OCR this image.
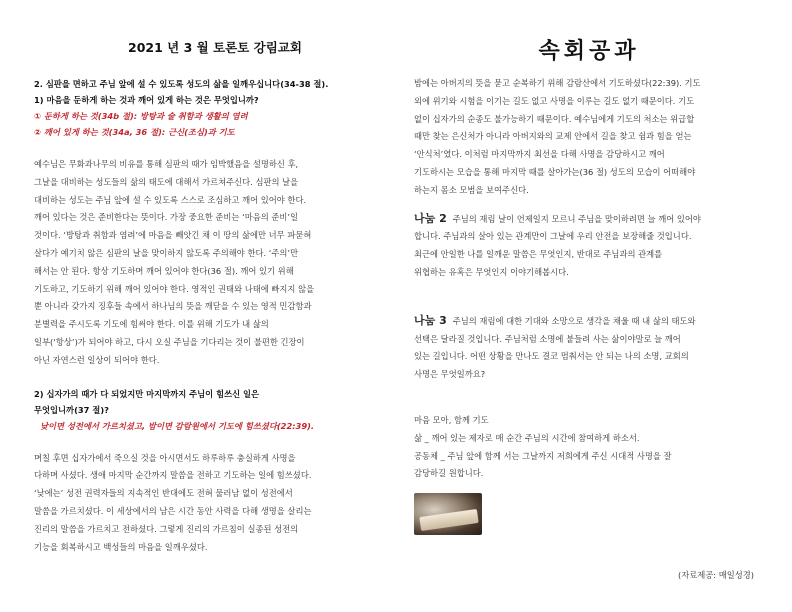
2021 년 3 월 토론토 강림교회

2. 심판을 면하고 주님 앞에 설 수 있도록 성도의 삶을 일깨우십니다(34-38 절).

1) 마음을 둔하게 하는 것과 깨어 있게 하는 것은 무엇입니까?

① 둔하게 하는 것(34b 절): 방탕과 술 취함과 생활의 염려

② 깨어 있게 하는 것(34a, 36 절): 근신(조심)과 기도

예수님은 무화과나무의 비유를 통해 심판의 때가 임박했음을 설명하신 후,

그날을 대비하는 성도들의 삶의 태도에 대해서 가르쳐주신다. 심판의 날을

대비하는 성도는 주님 앞에 설 수 있도록 스스로 조심하고 깨어 있어야 한다.

깨어 있다는 것은 준비한다는 뜻이다. 가장 중요한 준비는 ‘마음의 준비’일

것이다. ‘방탕과 취함과 염려’에 마음을 빼앗긴 채 이 땅의 삶에만 너무 파묻혀

살다가 예기치 않은 심판의 날을 맞이하지 않도록 주의해야 한다. ‘주의’만

해서는 안 된다. 항상 기도하며 깨어 있어야 한다(36 절). 깨어 있기 위해

기도하고, 기도하기 위해 깨어 있어야 한다. 영적인 권태와 나태에 빠지지 않을

뿐 아니라 갖가지 징후들 속에서 하나님의 뜻을 깨닫을 수 있는 영적 민감함과

분별력을 주시도록 기도에 힘써야 한다. 이를 위해 기도가 내 삶의

일부(‘항상’)가 되어야 하고, 다시 오실 주님을 기다리는 것이 불편한 긴장이

아닌 자연스런 일상이 되어야 한다.

2) 십자가의 때가 다 되었지만 마지막까지 주님이 힘쓰신 일은

무엇입니까(37 절)?

낮이면 성전에서 가르치셨고, 밤이면 감람원에서 기도에 힘쓰셨다(22:39).

며칠 후면 십자가에서 죽으실 것을 아시면서도 하루하루 충실하게 사명을

다하며 사셨다. 생애 마지막 순간까지 말씀을 전하고 기도하는 일에 힘쓰셨다.

‘낮에는’ 성전 권력자들의 지속적인 반대에도 전혀 물러남 없이 성전에서

말씀을 가르치셨다. 이 세상에서의 남은 시간 동안 사력을 다해 생명을 살리는

진리의 말씀을 가르치고 전하셨다. 그렇게 진리의 가르침이 실종된 성전의

기능을 회복하시고 백성들의 마음을 일깨우셨다.

속회공과

밤에는 아버지의 뜻을 묻고 순복하기 위해 감람산에서 기도하셨다(22:39). 기도

외에 위기와 시험을 이기는 길도 없고 사명을 이루는 길도 없기 때문이다. 기도

없이 십자가의 순종도 불가능하기 때문이다. 예수님에게 기도의 처소는 위급할

때만 찾는 은신처가 아니라 아버지와의 교제 안에서 길을 찾고 쉼과 힘을 얻는

‘안식처’였다. 이처럼 마지막까지 최선을 다해 사명을 감당하시고 깨어

기도하시는 모습을 통해 마지막 때를 살아가는(36 절) 성도의 모습이 어떠해야

하는지 몸소 모범을 보여주신다.

나눔 2 주님의 재림 날이 언제일지 모르니 주님을 맞이하려면 늘 깨어 있어야

합니다. 주님과의 살아 있는 관계만이 그날에 우리 안전을 보장해줄 것입니다.

최근에 안일한 나를 일깨운 말씀은 무엇인지, 반대로 주님과의 관계를

위협하는 유혹은 무엇인지 이야기해봅시다.

나눔 3 주님의 재림에 대한 기대와 소망으로 생각을 채울 때 내 삶의 태도와

선택은 달라질 것입니다. 주님처럼 소명에 붙들려 사는 삶이야말로 늘 깨어

있는 길입니다. 어떤 상황을 만나도 결코 멈춰서는 안 되는 나의 소명, 교회의

사명은 무엇일까요?

마음 모아, 함께 기도

삶 _ 깨어 있는 제자로 매 순간 주님의 시간에 참여하게 하소서.

공동체 _ 주님 앞에 함께 서는 그날까지 저희에게 주신 시대적 사명을 잘

감당하길 원합니다.

(자료제공: 매일성경)
